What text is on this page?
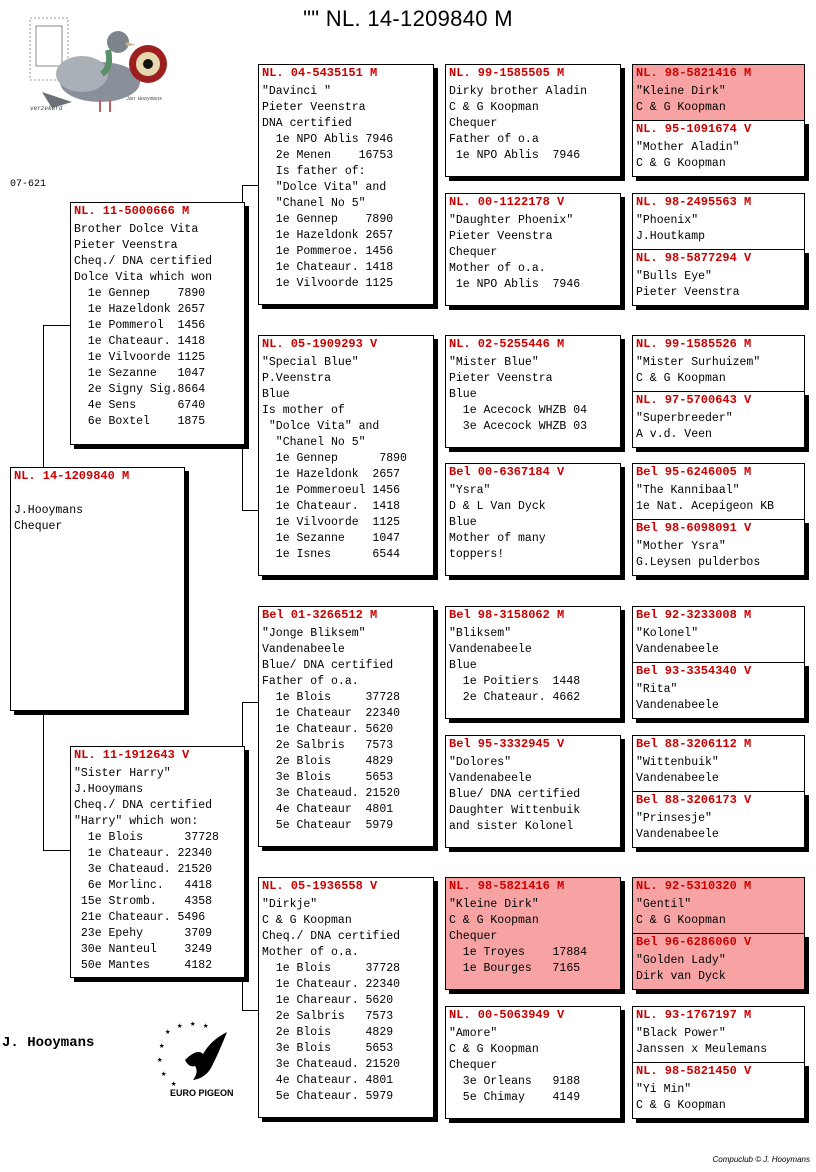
"" NL. 14-1209840 M
verzekerd
Jan Hooymans
07-621
NL. 14-1209840 M

J.Hooymans
Chequer
NL. 11-5000666 M
Brother Dolce Vita
Pieter Veenstra
Cheq./ DNA certified
Dolce Vita which won
1e Gennep    7890
1e Hazeldonk 2657
1e Pommerol  1456
1e Chateaur. 1418
1e Vilvoorde 1125
1e Sezanne   1047
2e Signy Sig.8664
4e Sens      6740
6e Boxtel    1875
NL. 11-1912643 V
"Sister Harry"
J.Hooymans
Cheq./ DNA certified
"Harry" which won:
1e Blois      37728
1e Chateaur. 22340
3e Chateaud. 21520
6e Morlinc.   4418
15e Stromb.    4358
21e Chateaur. 5496
23e Epehy      3709
30e Nanteul    3249
50e Mantes     4182
NL. 04-5435151 M
"Davinci "
Pieter Veenstra
DNA certified
1e NPO Ablis 7946
2e Menen    16753
Is father of:
"Dolce Vita" and
"Chanel No 5"
1e Gennep    7890
1e Hazeldonk 2657
1e Pommeroe. 1456
1e Chateaur. 1418
1e Vilvoorde 1125
NL. 05-1909293 V
"Special Blue"
P.Veenstra
Blue
Is mother of
"Dolce Vita" and
"Chanel No 5"
1e Gennep      7890
1e Hazeldonk  2657
1e Pommeroeul 1456
1e Chateaur.  1418
1e Vilvoorde  1125
1e Sezanne    1047
1e Isnes      6544
Bel 01-3266512 M
"Jonge Bliksem"
Vandenabeele
Blue/ DNA certified
Father of o.a.
1e Blois     37728
1e Chateaur  22340
1e Chateaur. 5620
2e Salbris   7573
2e Blois     4829
3e Blois     5653
3e Chateaud. 21520
4e Chateaur  4801
5e Chateaur  5979
NL. 05-1936558 V
"Dirkje"
C & G Koopman
Cheq./ DNA certified
Mother of o.a.
1e Blois     37728
1e Chateaur. 22340
1e Chareaur. 5620
2e Salbris   7573
2e Blois     4829
3e Blois     5653
3e Chateaud. 21520
4e Chateaur. 4801
5e Chateaur. 5979
NL. 99-1585505 M
Dirky brother Aladin
C & G Koopman
Chequer
Father of o.a
1e NPO Ablis  7946
NL. 00-1122178 V
"Daughter Phoenix"
Pieter Veenstra
Chequer
Mother of o.a.
1e NPO Ablis  7946
NL. 02-5255446 M
"Mister Blue"
Pieter Veenstra
Blue
1e Acecock WHZB 04
3e Acecock WHZB 03
Bel 00-6367184 V
"Ysra"
D & L Van Dyck
Blue
Mother of many
toppers!
Bel 98-3158062 M
"Bliksem"
Vandenabeele
Blue
1e Poitiers  1448
2e Chateaur. 4662
Bel 95-3332945 V
"Dolores"
Vandenabeele
Blue/ DNA certified
Daughter Wittenbuik
and sister Kolonel
NL. 98-5821416 M
"Kleine Dirk"
C & G Koopman
Chequer
1e Troyes    17884
1e Bourges   7165
NL. 00-5063949 V
"Amore"
C & G Koopman
Chequer
3e Orleans   9188
5e Chimay    4149
NL. 98-5821416 M
"Kleine Dirk"
C & G Koopman
NL. 95-1091674 V
"Mother Aladin"
C & G Koopman
NL. 98-2495563 M
"Phoenix"
J.Houtkamp
NL. 98-5877294 V
"Bulls Eye"
Pieter Veenstra
NL. 99-1585526 M
"Mister Surhuizem"
C & G Koopman
NL. 97-5700643 V
"Superbreeder"
A v.d. Veen
Bel 95-6246005 M
"The Kannibaal"
1e Nat. Acepigeon KB
Bel 98-6098091 V
"Mother Ysra"
G.Leysen pulderbos
Bel 92-3233008 M
"Kolonel"
Vandenabeele
Bel 93-3354340 V
"Rita"
Vandenabeele
Bel 88-3206112 M
"Wittenbuik"
Vandenabeele
Bel 88-3206173 V
"Prinsesje"
Vandenabeele
NL. 92-5310320 M
"Gentil"
C & G Koopman
Bel 96-6286060 V
"Golden Lady"
Dirk van Dyck
NL. 93-1767197 M
"Black Power"
Janssen x Meulemans
NL. 98-5821450 V
"Yi Min"
C & G Koopman
J. Hooymans
★
★ ★ ★
★
★
★
★
EURO PIGEON
Compuclub © J. Hooymans
